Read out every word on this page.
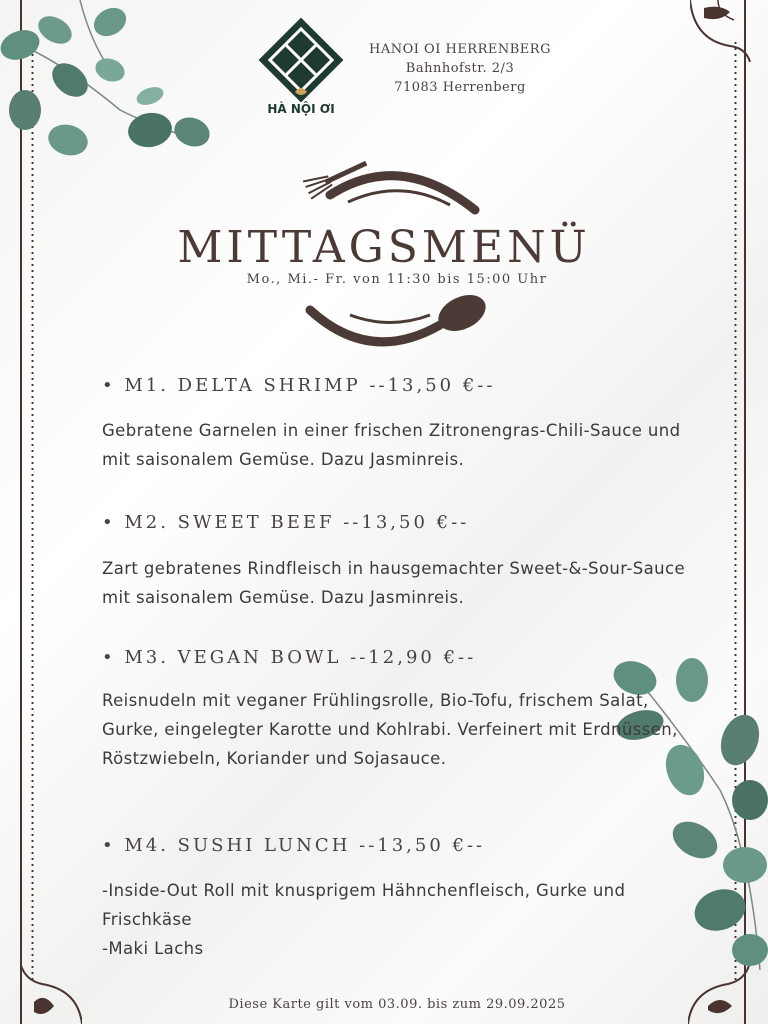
HÀ NỘI ƠI
HANOI OI HERRENBERG
Bahnhofstr. 2/3
71083 Herrenberg
MITTAGSMENÜ
Mo., Mi.- Fr. von 11:30 bis 15:00 Uhr
• M1. DELTA SHRIMP --13,50 €--
Gebratene Garnelen in einer frischen Zitronengras-Chili-Sauce und mit saisonalem Gemüse. Dazu Jasminreis.
• M2. SWEET BEEF --13,50 €--
Zart gebratenes Rindfleisch in hausgemachter Sweet-&-Sour-Sauce mit saisonalem Gemüse. Dazu Jasminreis.
• M3. VEGAN BOWL --12,90 €--
Reisnudeln mit veganer Frühlingsrolle, Bio-Tofu, frischem Salat, Gurke, eingelegter Karotte und Kohlrabi. Verfeinert mit Erdnüssen, Röstzwiebeln, Koriander und Sojasauce.
• M4. SUSHI LUNCH --13,50 €--
-Inside-Out Roll mit knusprigem Hähnchenfleisch, Gurke und Frischkäse
-Maki Lachs
Diese Karte gilt vom 03.09. bis zum 29.09.2025
